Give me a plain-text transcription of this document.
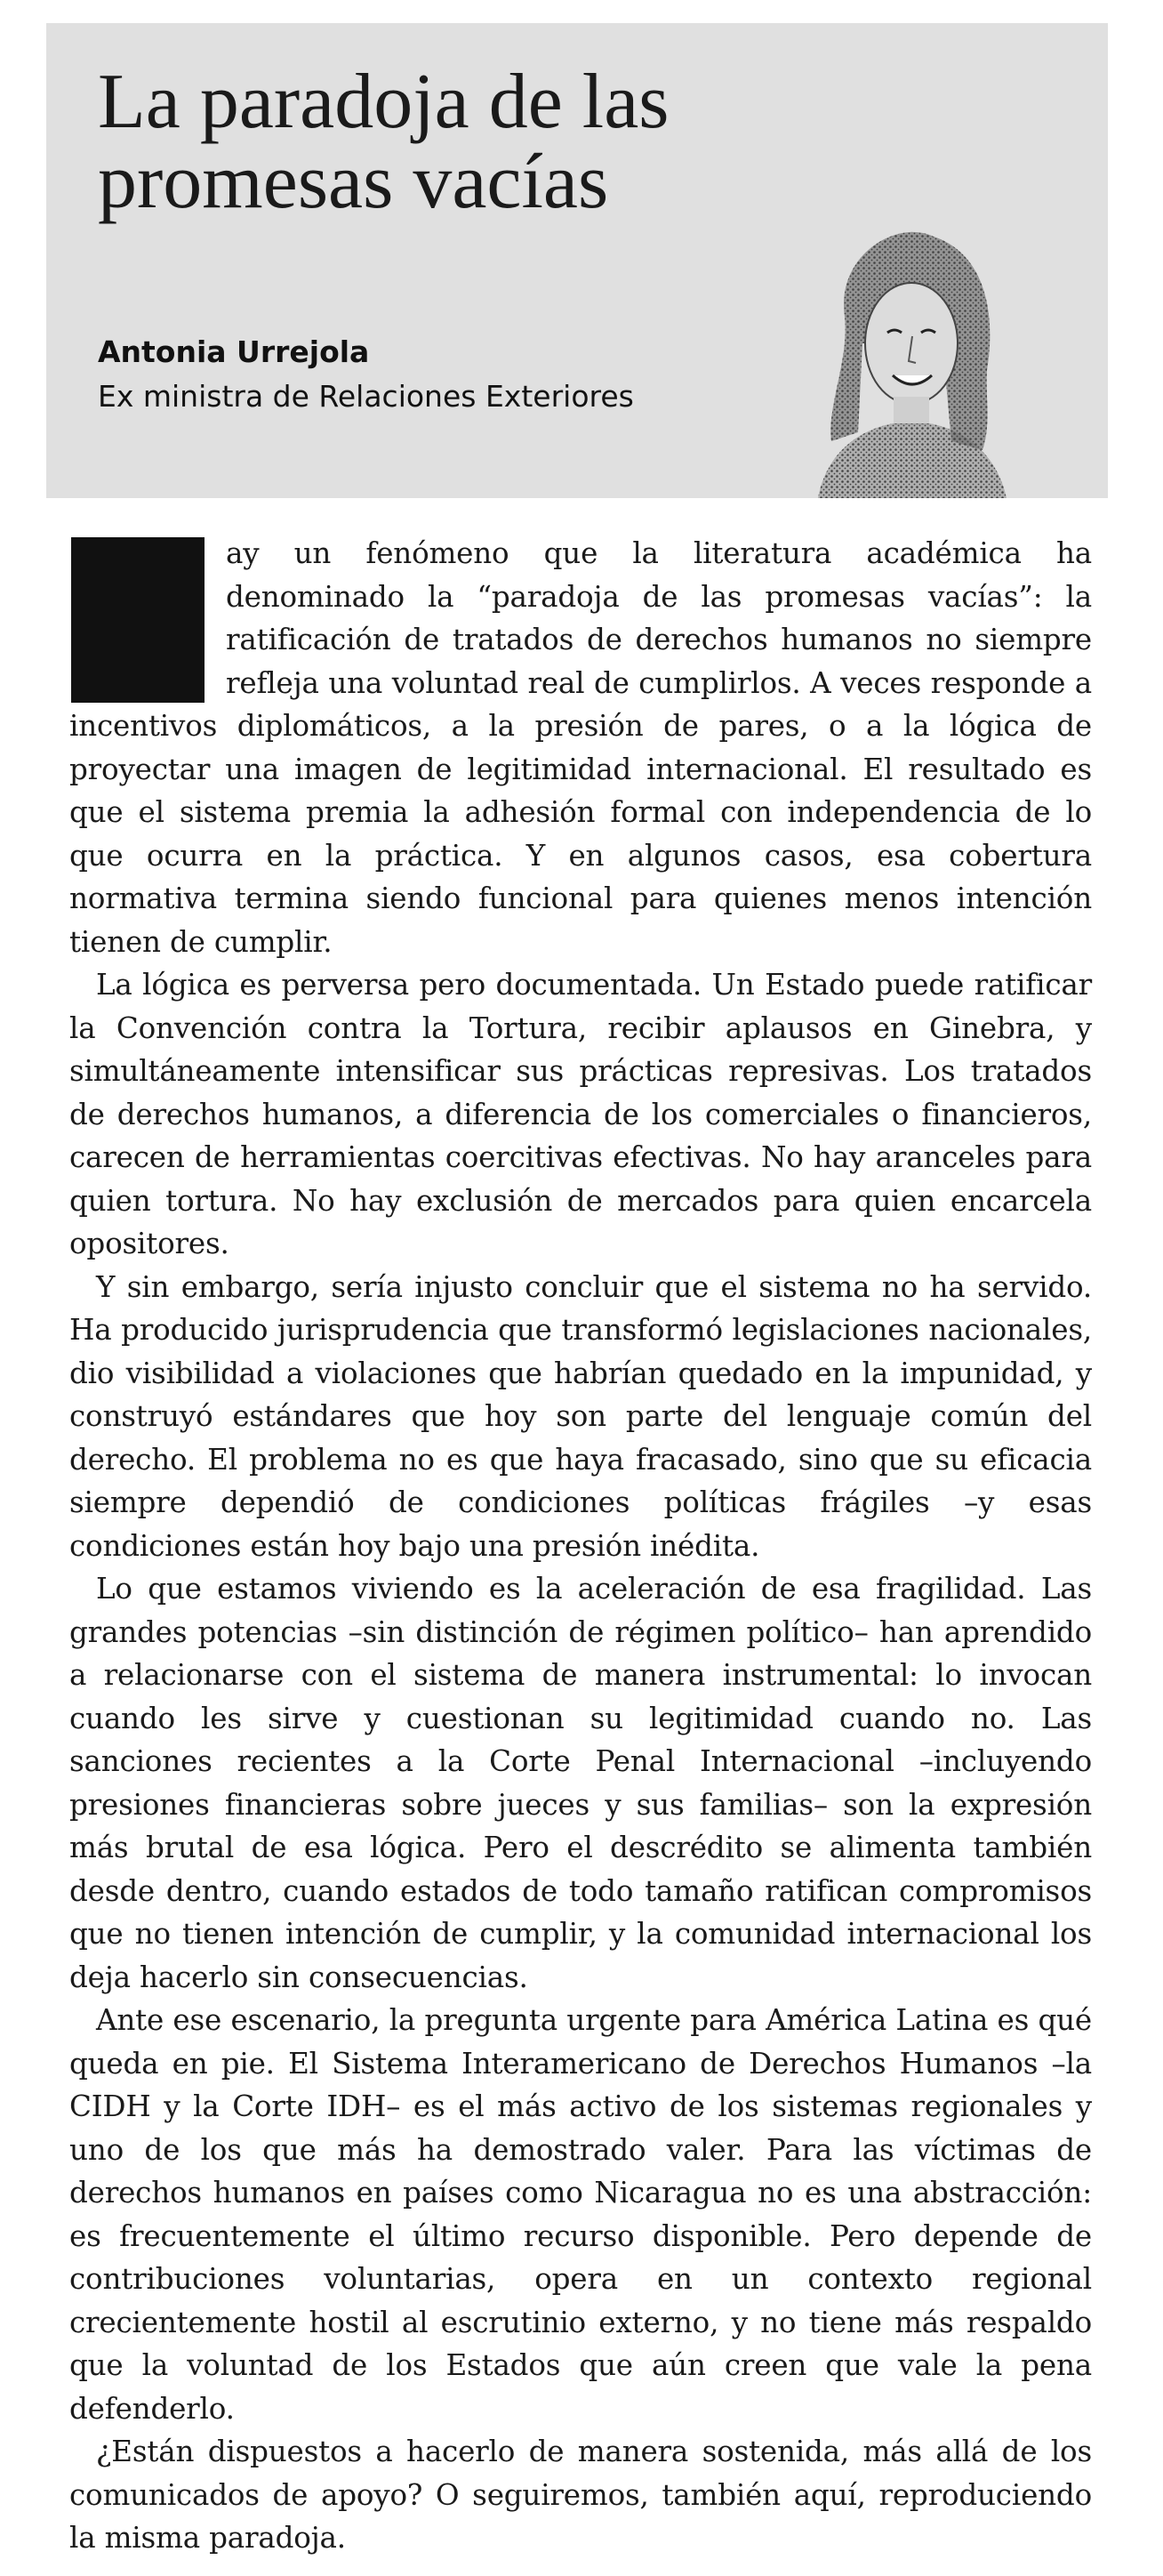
La paradoja de las promesas vacías
Antonia Urrejola
Ex ministra de Relaciones Exteriores

ay un fenómeno que la literatura académica ha denominado la “paradoja de las promesas vacías”: la ratificación de tratados de derechos humanos no siempre refleja una voluntad real de cumplirlos. A veces responde a incentivos diplomáticos, a la presión de pares, o a la lógica de proyectar una imagen de legitimidad internacional. El resultado es que el sistema premia la adhesión formal con independencia de lo que ocurra en la práctica. Y en algunos casos, esa cobertura normativa termina siendo funcional para quienes menos intención tienen de cumplir.

La lógica es perversa pero documentada. Un Estado puede ratificar la Convención contra la Tortura, recibir aplausos en Ginebra, y simultáneamente intensificar sus prácticas represivas. Los tratados de derechos humanos, a diferencia de los comerciales o financieros, carecen de herramientas coercitivas efectivas. No hay aranceles para quien tortura. No hay exclusión de mercados para quien encarcela opositores.

Y sin embargo, sería injusto concluir que el sistema no ha servido. Ha producido jurisprudencia que transformó legislaciones nacionales, dio visibilidad a violaciones que habrían quedado en la impunidad, y construyó estándares que hoy son parte del lenguaje común del derecho. El problema no es que haya fracasado, sino que su eficacia siempre dependió de condiciones políticas frágiles –y esas condiciones están hoy bajo una presión inédita.

Lo que estamos viviendo es la aceleración de esa fragilidad. Las grandes potencias –sin distinción de régimen político– han aprendido a relacionarse con el sistema de manera instrumental: lo invocan cuando les sirve y cuestionan su legitimidad cuando no. Las sanciones recientes a la Corte Penal Internacional –incluyendo presiones financieras sobre jueces y sus familias– son la expresión más brutal de esa lógica. Pero el descrédito se alimenta también desde dentro, cuando estados de todo tamaño ratifican compromisos que no tienen intención de cumplir, y la comunidad internacional los deja hacerlo sin consecuencias.

Ante ese escenario, la pregunta urgente para América Latina es qué queda en pie. El Sistema Interamericano de Derechos Humanos –la CIDH y la Corte IDH– es el más activo de los sistemas regionales y uno de los que más ha demostrado valer. Para las víctimas de derechos humanos en países como Nicaragua no es una abstracción: es frecuentemente el último recurso disponible. Pero depende de contribuciones voluntarias, opera en un contexto regional crecientemente hostil al escrutinio externo, y no tiene más respaldo que la voluntad de los Estados que aún creen que vale la pena defenderlo.

¿Están dispuestos a hacerlo de manera sostenida, más allá de los comunicados de apoyo? O seguiremos, también aquí, reproduciendo la misma paradoja.
